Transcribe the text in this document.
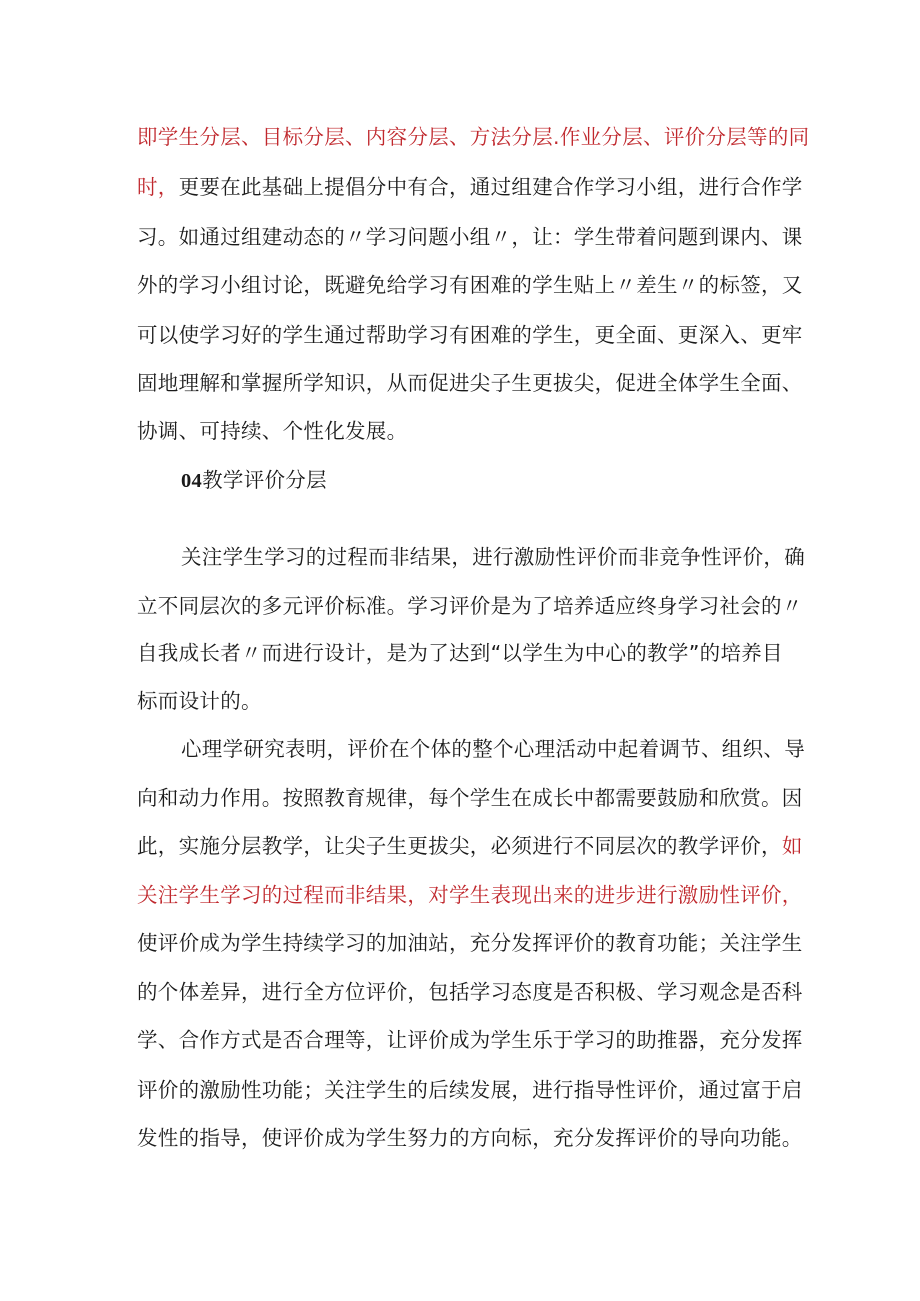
即学生分层、目标分层、内容分层、方法分层.作业分层、评价分层等的同
时，更要在此基础上提倡分中有合，通过组建合作学习小组，进行合作学
习。如通过组建动态的〃学习问题小组〃，让：学生带着问题到课内、课
外的学习小组讨论，既避免给学习有困难的学生贴上〃差生〃的标签，又
可以使学习好的学生通过帮助学习有困难的学生，更全面、更深入、更牢
固地理解和掌握所学知识，从而促进尖子生更拔尖，促进全体学生全面、
协调、可持续、个性化发展。
04教学评价分层
关注学生学习的过程而非结果，进行激励性评价而非竞争性评价，确
立不同层次的多元评价标准。学习评价是为了培养适应终身学习社会的〃
自我成长者〃而进行设计，是为了达到“以学生为中心的教学”的培养目
标而设计的。
心理学研究表明，评价在个体的整个心理活动中起着调节、组织、导
向和动力作用。按照教育规律，每个学生在成长中都需要鼓励和欣赏。因
此，实施分层教学，让尖子生更拔尖，必须进行不同层次的教学评价，如
关注学生学习的过程而非结果，对学生表现出来的进步进行激励性评价，
使评价成为学生持续学习的加油站，充分发挥评价的教育功能；关注学生
的个体差异，进行全方位评价，包括学习态度是否积极、学习观念是否科
学、合作方式是否合理等，让评价成为学生乐于学习的助推器，充分发挥
评价的激励性功能；关注学生的后续发展，进行指导性评价，通过富于启
发性的指导，使评价成为学生努力的方向标，充分发挥评价的导向功能。
